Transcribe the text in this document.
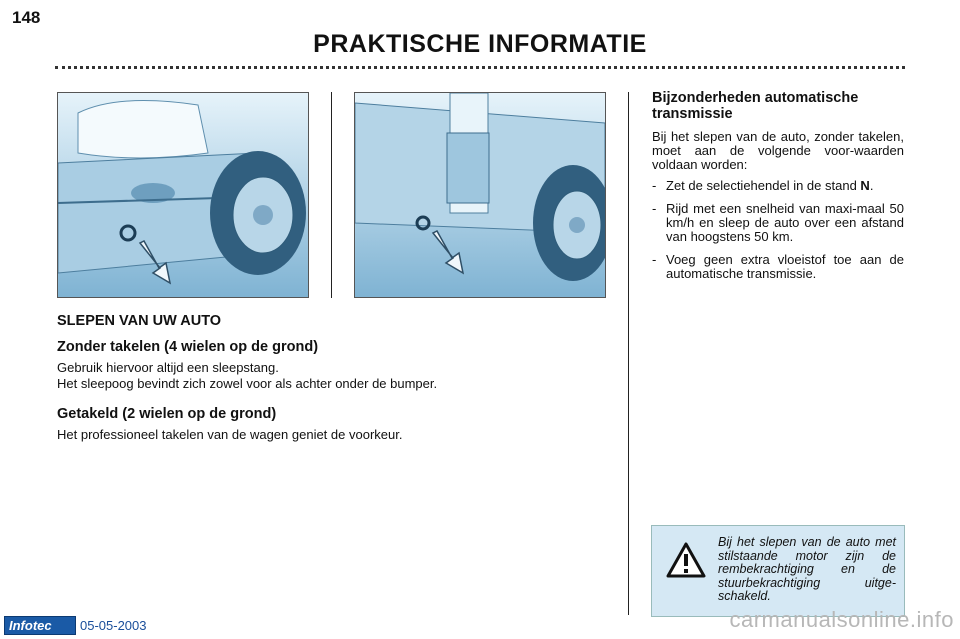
148
PRAKTISCHE INFORMATIE
SLEPEN VAN UW AUTO
Zonder takelen (4 wielen op de grond)

Gebruik hiervoor altijd een sleepstang.

Het sleepoog bevindt zich zowel voor als achter onder de bumper.

Getakeld (2 wielen op de grond)

Het professioneel takelen van de wagen geniet de voorkeur.

Bijzonderheden automatische
transmissie

Bij het slepen van de auto, zonder takelen, moet aan de volgende voor-waarden voldaan worden:

- Zet de selectiehendel in de stand N.
- Rijd met een snelheid van maxi-maal 50 km/h en sleep de auto over een afstand van hoogstens 50 km.
- Voeg geen extra vloeistof toe aan de automatische transmissie.
Bij het slepen van de auto met stilstaande motor zijn de rembekrachtiging en de stuurbekrachtiging uitge-schakeld.
Infotec 05-05-2003	carmanualsonline.info
